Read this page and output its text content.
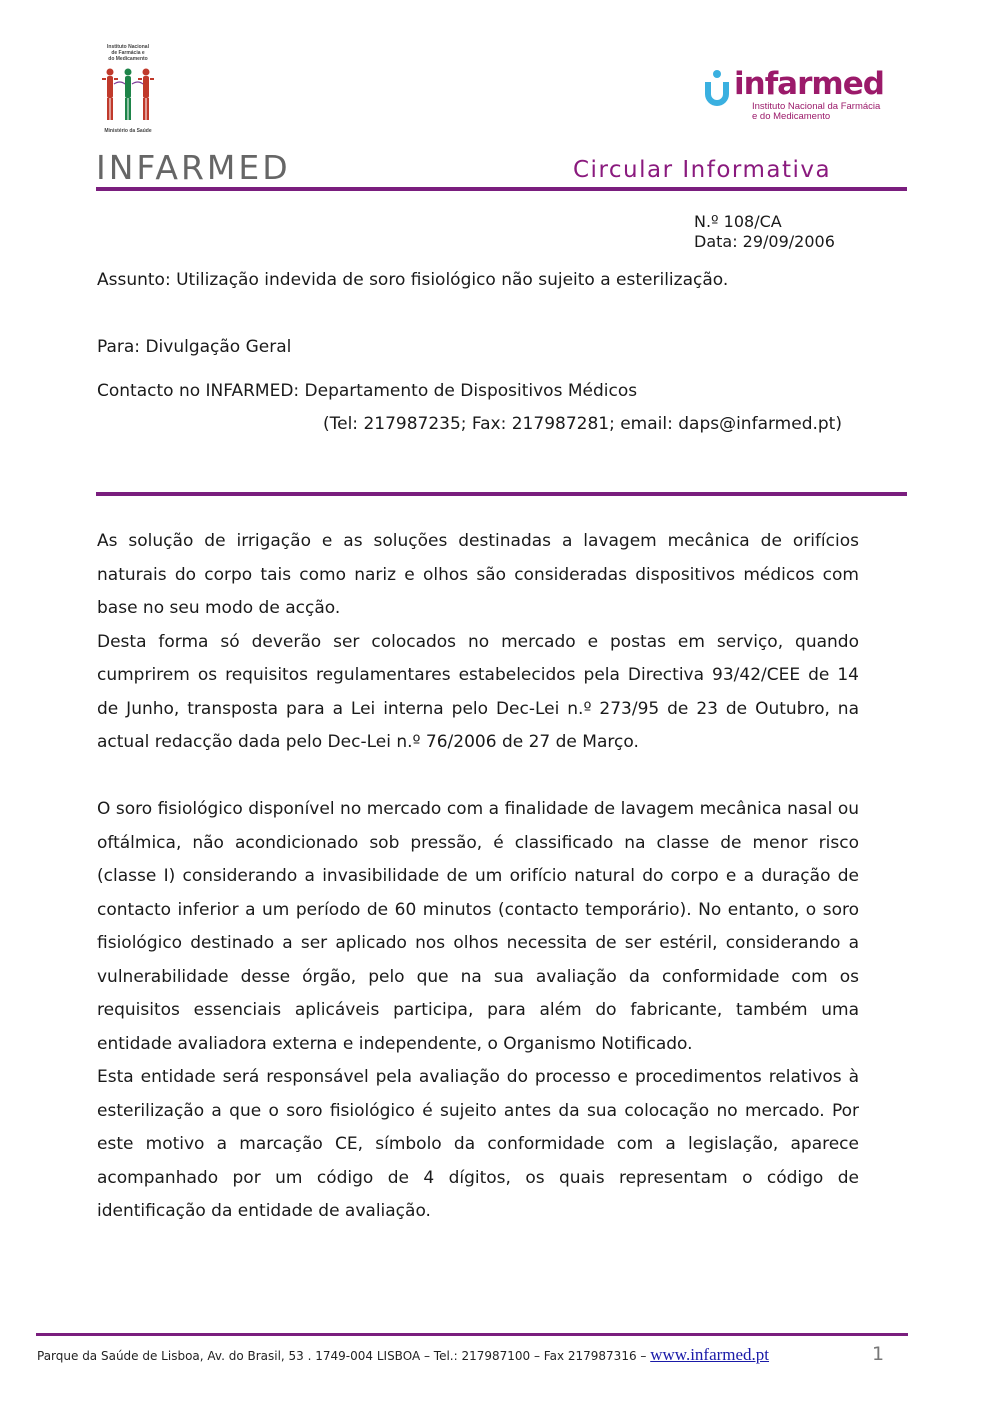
Instituto Nacional
de Farmácia e
do Medicamento
Ministério da Saúde
infarmed
Instituto Nacional da Farmácia
e do Medicamento
INFARMED	Circular Informativa
N.º 108/CA
Data: 29/09/2006
Assunto: Utilização indevida de soro fisiológico não sujeito a esterilização.
Para: Divulgação Geral
Contacto no INFARMED: Departamento de Dispositivos Médicos
(Tel: 217987235; Fax: 217987281; email: daps@infarmed.pt)

As solução de irrigação e as soluções destinadas a lavagem mecânica de orifícios naturais do corpo tais como nariz e olhos são consideradas dispositivos médicos com base no seu modo de acção.

Desta forma só deverão ser colocados no mercado e postas em serviço, quando cumprirem os requisitos regulamentares estabelecidos pela Directiva 93/42/CEE de 14 de Junho, transposta para a Lei interna pelo Dec-Lei n.º 273/95 de 23 de Outubro, na actual redacção dada pelo Dec-Lei n.º 76/2006 de 27 de Março.

O soro fisiológico disponível no mercado com a finalidade de lavagem mecânica nasal ou oftálmica, não acondicionado sob pressão, é classificado na classe de menor risco (classe I) considerando a invasibilidade de um orifício natural do corpo e a duração de contacto inferior a um período de 60 minutos (contacto temporário). No entanto, o soro fisiológico destinado a ser aplicado nos olhos necessita de ser estéril, considerando a vulnerabilidade desse órgão, pelo que na sua avaliação da conformidade com os requisitos essenciais aplicáveis participa, para além do fabricante, também uma entidade avaliadora externa e independente, o Organismo Notificado.

Esta entidade será responsável pela avaliação do processo e procedimentos relativos à esterilização a que o soro fisiológico é sujeito antes da sua colocação no mercado. Por este motivo a marcação CE, símbolo da conformidade com a legislação, aparece acompanhado por um código de 4 dígitos, os quais representam o código de identificação da entidade de avaliação.

Parque da Saúde de Lisboa, Av. do Brasil, 53 . 1749-004 LISBOA – Tel.: 217987100 – Fax 217987316 – www.infarmed.pt	1
